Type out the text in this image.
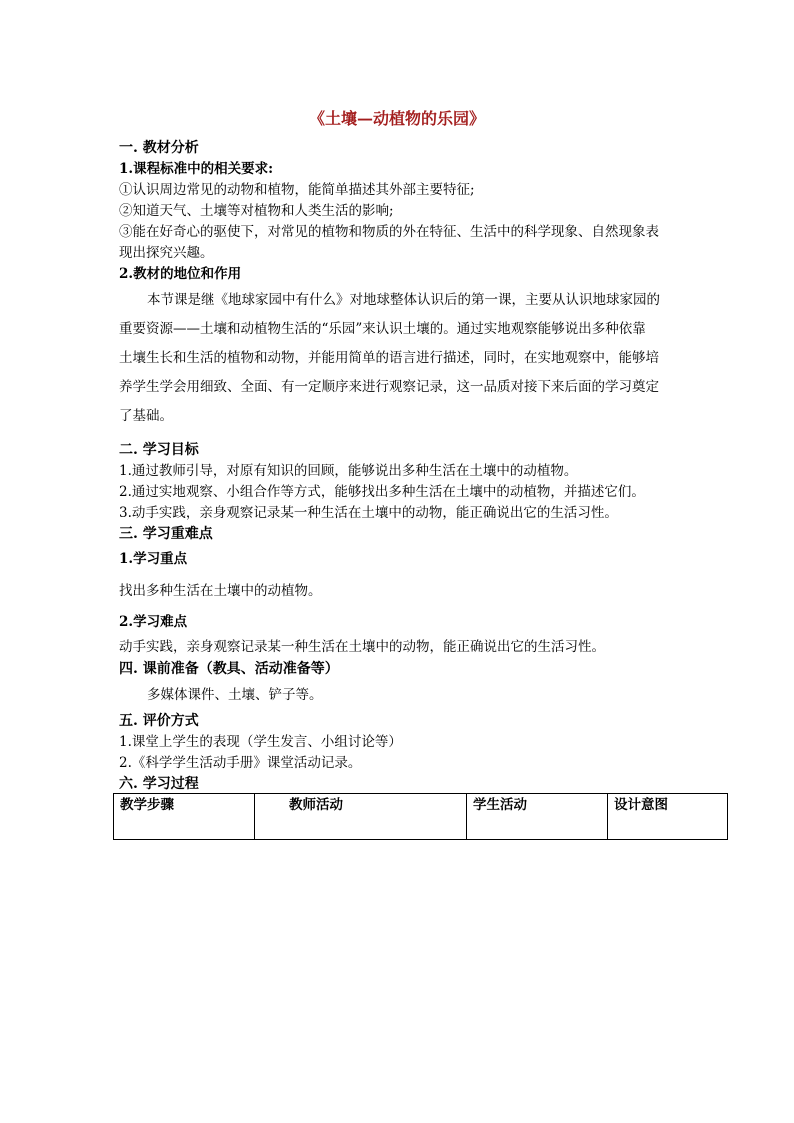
《土壤—动植物的乐园》
一. 教材分析
1.课程标准中的相关要求:
①认识周边常见的动物和植物，能简单描述其外部主要特征;
②知道天气、土壤等对植物和人类生活的影响;
③能在好奇心的驱使下，对常见的植物和物质的外在特征、生活中的科学现象、自然现象表
现出探究兴趣。
2.教材的地位和作用
本节课是继《地球家园中有什么》对地球整体认识后的第一课，主要从认识地球家园的
重要资源——土壤和动植物生活的“乐园”来认识土壤的。通过实地观察能够说出多种依靠
土壤生长和生活的植物和动物，并能用简单的语言进行描述，同时，在实地观察中，能够培
养学生学会用细致、全面、有一定顺序来进行观察记录，这一品质对接下来后面的学习奠定
了基础。
二. 学习目标
1.通过教师引导，对原有知识的回顾，能够说出多种生活在土壤中的动植物。
2.通过实地观察、小组合作等方式，能够找出多种生活在土壤中的动植物，并描述它们。
3.动手实践，亲身观察记录某一种生活在土壤中的动物，能正确说出它的生活习性。
三. 学习重难点
1.学习重点
找出多种生活在土壤中的动植物。
2.学习难点
动手实践，亲身观察记录某一种生活在土壤中的动物，能正确说出它的生活习性。
四. 课前准备（教具、活动准备等）
多媒体课件、土壤、铲子等。
五. 评价方式
1.课堂上学生的表现（学生发言、小组讨论等）
2.《科学学生活动手册》课堂活动记录。
六. 学习过程
教学步骤	教师活动	学生活动	设计意图
